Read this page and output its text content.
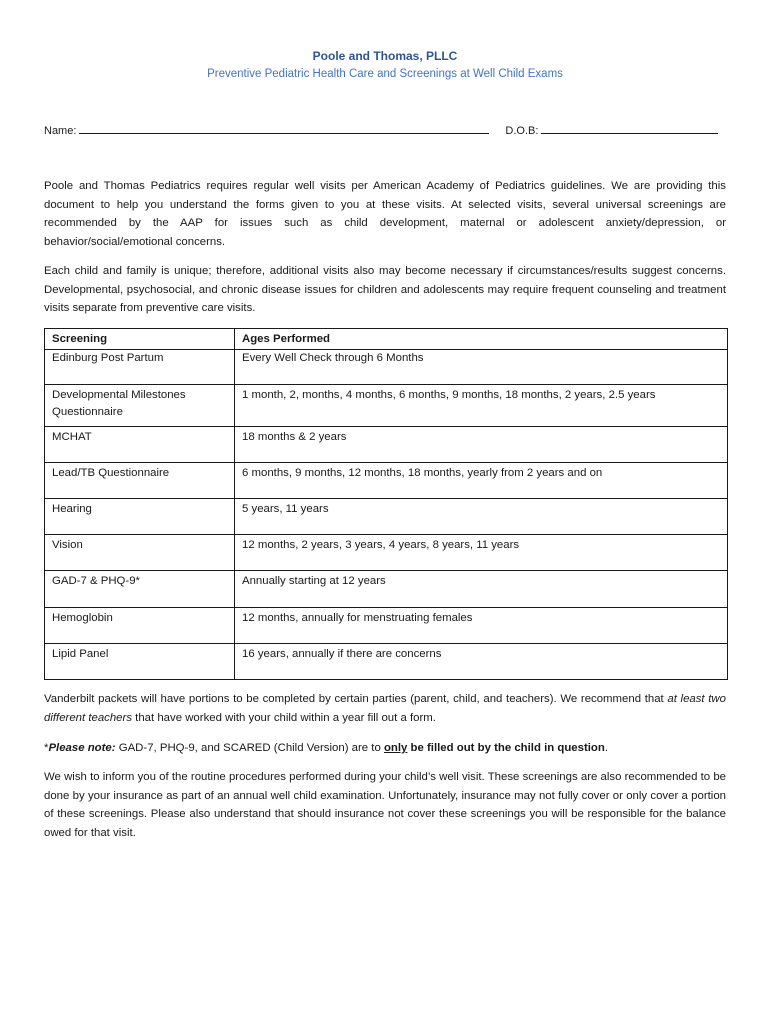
Poole and Thomas, PLLC
Preventive Pediatric Health Care and Screenings at Well Child Exams
Name:	D.O.B:
Poole and Thomas Pediatrics requires regular well visits per American Academy of Pediatrics guidelines. We are providing this document to help you understand the forms given to you at these visits. At selected visits, several universal screenings are recommended by the AAP for issues such as child development, maternal or adolescent anxiety/depression, or behavior/social/emotional concerns.
Each child and family is unique; therefore, additional visits also may become necessary if circumstances/results suggest concerns. Developmental, psychosocial, and chronic disease issues for children and adolescents may require frequent counseling and treatment visits separate from preventive care visits.
Screening	Ages Performed
Edinburg Post Partum	Every Well Check through 6 Months
Developmental Milestones Questionnaire	1 month, 2, months, 4 months, 6 months, 9 months, 18 months, 2 years, 2.5 years
MCHAT	18 months & 2 years
Lead/TB Questionnaire	6 months, 9 months, 12 months, 18 months, yearly from 2 years and on
Hearing	5 years, 11 years
Vision	12 months, 2 years, 3 years, 4 years, 8 years, 11 years
GAD-7 & PHQ-9*	Annually starting at 12 years
Hemoglobin	12 months, annually for menstruating females
Lipid Panel	16 years, annually if there are concerns
Vanderbilt packets will have portions to be completed by certain parties (parent, child, and teachers). We recommend that at least two different teachers that have worked with your child within a year fill out a form.
*Please note: GAD-7, PHQ-9, and SCARED (Child Version) are to only be filled out by the child in question.
We wish to inform you of the routine procedures performed during your child’s well visit. These screenings are also recommended to be done by your insurance as part of an annual well child examination. Unfortunately, insurance may not fully cover or only cover a portion of these screenings. Please also understand that should insurance not cover these screenings you will be responsible for the balance owed for that visit.
